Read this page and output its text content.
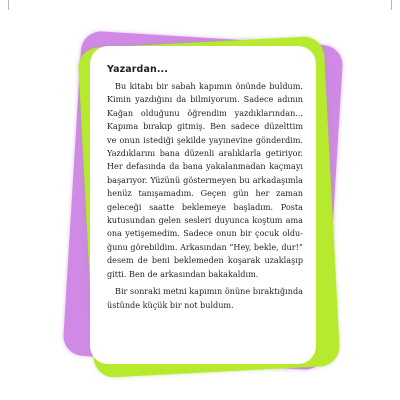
Yazardan...

Bu kitabı bir sabah kapımın önünde buldum. Kimin yazdığını da bilmiyorum. Sadece adının Kağan olduğunu öğrendim yazdıklarından... Kapıma bırakıp gitmiş. Ben sadece düzelttim ve onun istediği şekilde yayınevine gönderdim. Yazdıklarını bana düzenli aralıklarla getiriyor. Her defasında da bana yakalanmadan kaçmayı başarıyor. Yüzünü göstermeyen bu arkadaşımla henüz tanışamadım. Geçen gün her zaman geleceği saatte beklemeye başladım. Posta kutusundan gelen sesleri duyunca koştum ama ona yetişemedim. Sadece onun bir çocuk olduğunu görebildim. Arkasından “Hey, bekle, dur!” desem de beni beklemeden koşarak uzaklaşıp gitti. Ben de arkasından bakakaldım.

Bir sonraki metni kapımın önüne bıraktığında üstünde küçük bir not buldum.
